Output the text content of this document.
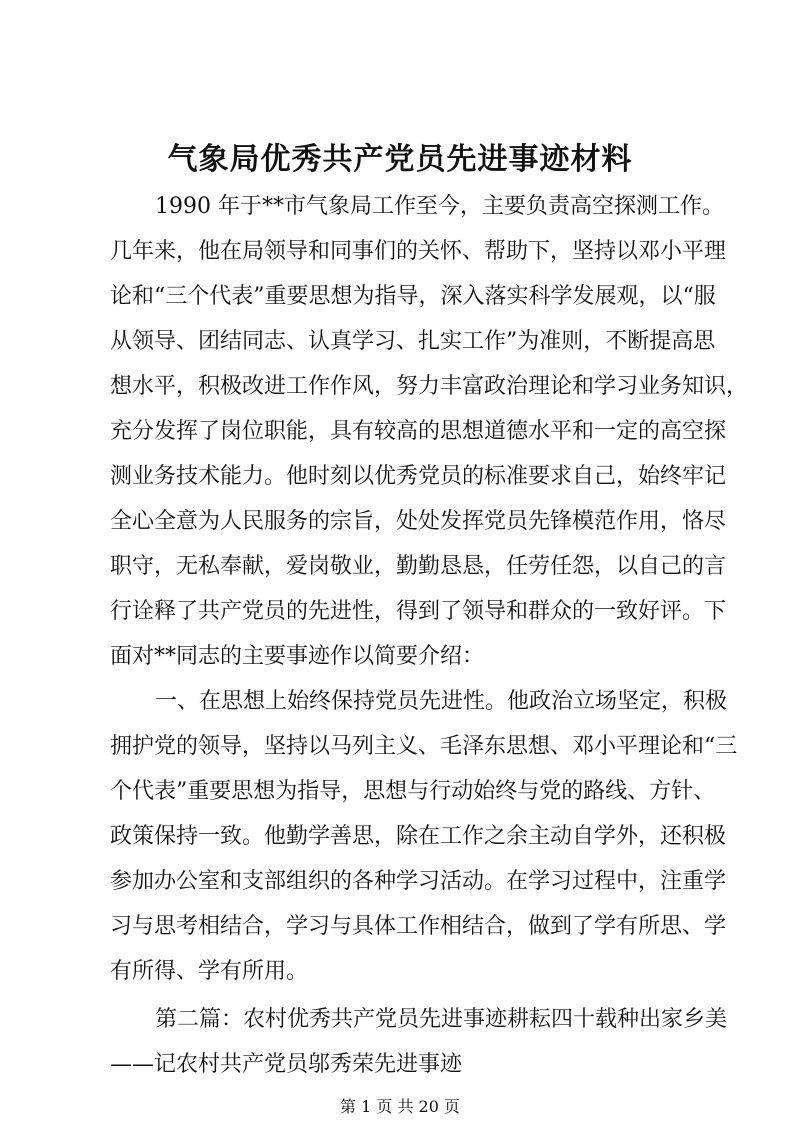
气象局优秀共产党员先进事迹材料
1990 年于**市气象局工作至今，主要负责高空探测工作。
几年来，他在局领导和同事们的关怀、帮助下，坚持以邓小平理
论和“三个代表”重要思想为指导，深入落实科学发展观，以“服
从领导、团结同志、认真学习、扎实工作”为准则，不断提高思
想水平，积极改进工作作风，努力丰富政治理论和学习业务知识，
充分发挥了岗位职能，具有较高的思想道德水平和一定的高空探
测业务技术能力。他时刻以优秀党员的标准要求自己，始终牢记
全心全意为人民服务的宗旨，处处发挥党员先锋模范作用，恪尽
职守，无私奉献，爱岗敬业，勤勤恳恳，任劳任怨，以自己的言
行诠释了共产党员的先进性，得到了领导和群众的一致好评。下
面对**同志的主要事迹作以简要介绍：
一、在思想上始终保持党员先进性。他政治立场坚定，积极
拥护党的领导，坚持以马列主义、毛泽东思想、邓小平理论和“三
个代表”重要思想为指导，思想与行动始终与党的路线、方针、
政策保持一致。他勤学善思，除在工作之余主动自学外，还积极
参加办公室和支部组织的各种学习活动。在学习过程中，注重学
习与思考相结合，学习与具体工作相结合，做到了学有所思、学
有所得、学有所用。
第二篇：农村优秀共产党员先进事迹耕耘四十载种出家乡美
第 1 页 共 20 页
——记农村共产党员邬秀荣先进事迹
